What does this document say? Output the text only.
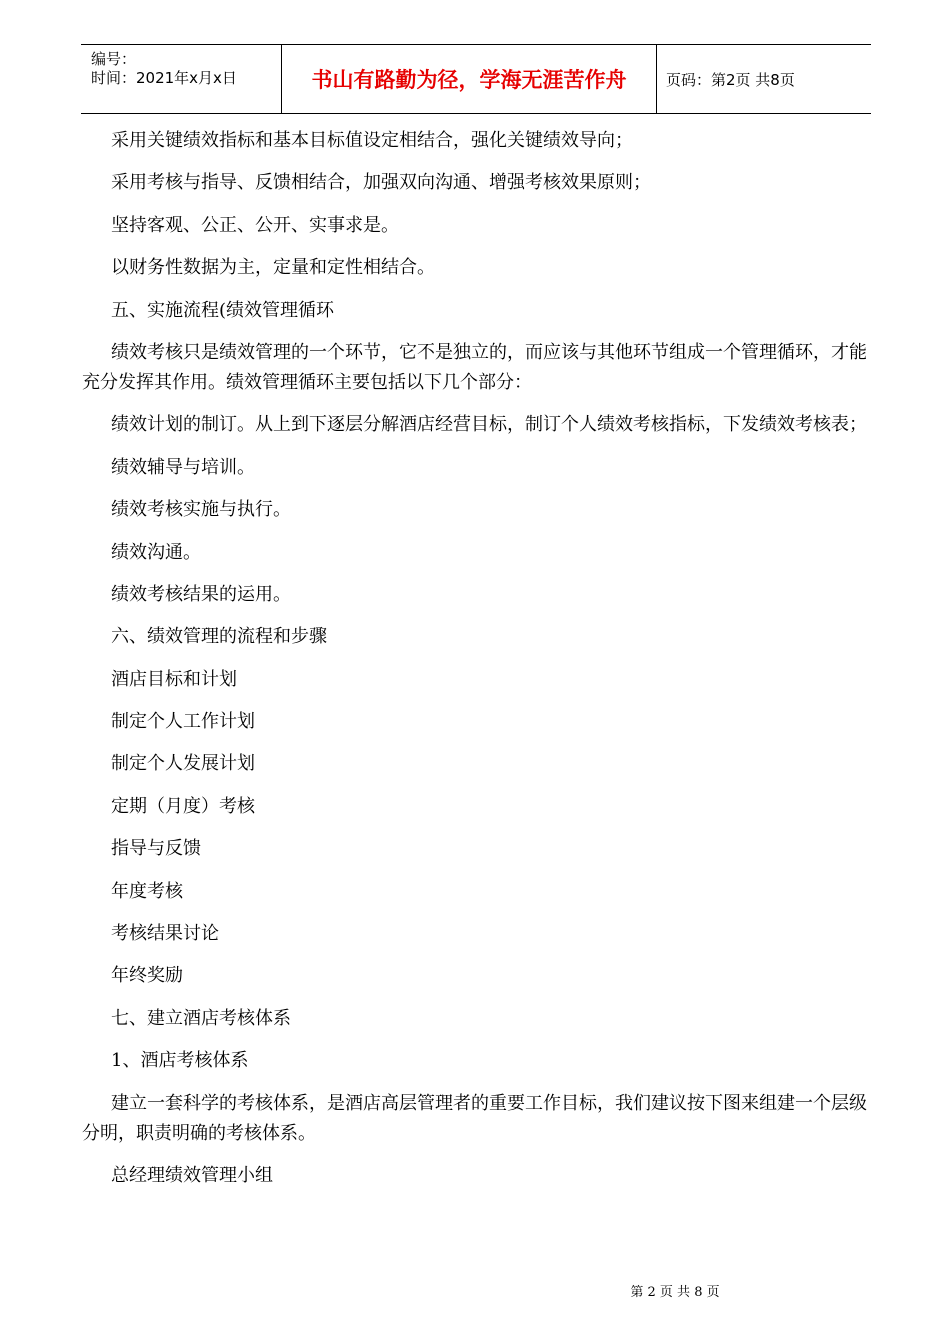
编号：
时间：2021年x月x日	书山有路勤为径，学海无涯苦作舟	页码：第2页 共8页

采用关键绩效指标和基本目标值设定相结合，强化关键绩效导向；

采用考核与指导、反馈相结合，加强双向沟通、增强考核效果原则；

坚持客观、公正、公开、实事求是。

以财务性数据为主，定量和定性相结合。

五、实施流程(绩效管理循环

绩效考核只是绩效管理的一个环节，它不是独立的，而应该与其他环节组成一个管理循环，才能充分发挥其作用。绩效管理循环主要包括以下几个部分：

绩效计划的制订。从上到下逐层分解酒店经营目标，制订个人绩效考核指标，下发绩效考核表；

绩效辅导与培训。

绩效考核实施与执行。

绩效沟通。

绩效考核结果的运用。

六、绩效管理的流程和步骤

酒店目标和计划

制定个人工作计划

制定个人发展计划

定期（月度）考核

指导与反馈

年度考核

考核结果讨论

年终奖励

七、建立酒店考核体系

1、酒店考核体系

建立一套科学的考核体系，是酒店高层管理者的重要工作目标，我们建议按下图来组建一个层级分明，职责明确的考核体系。

总经理绩效管理小组

第 2 页 共 8 页
